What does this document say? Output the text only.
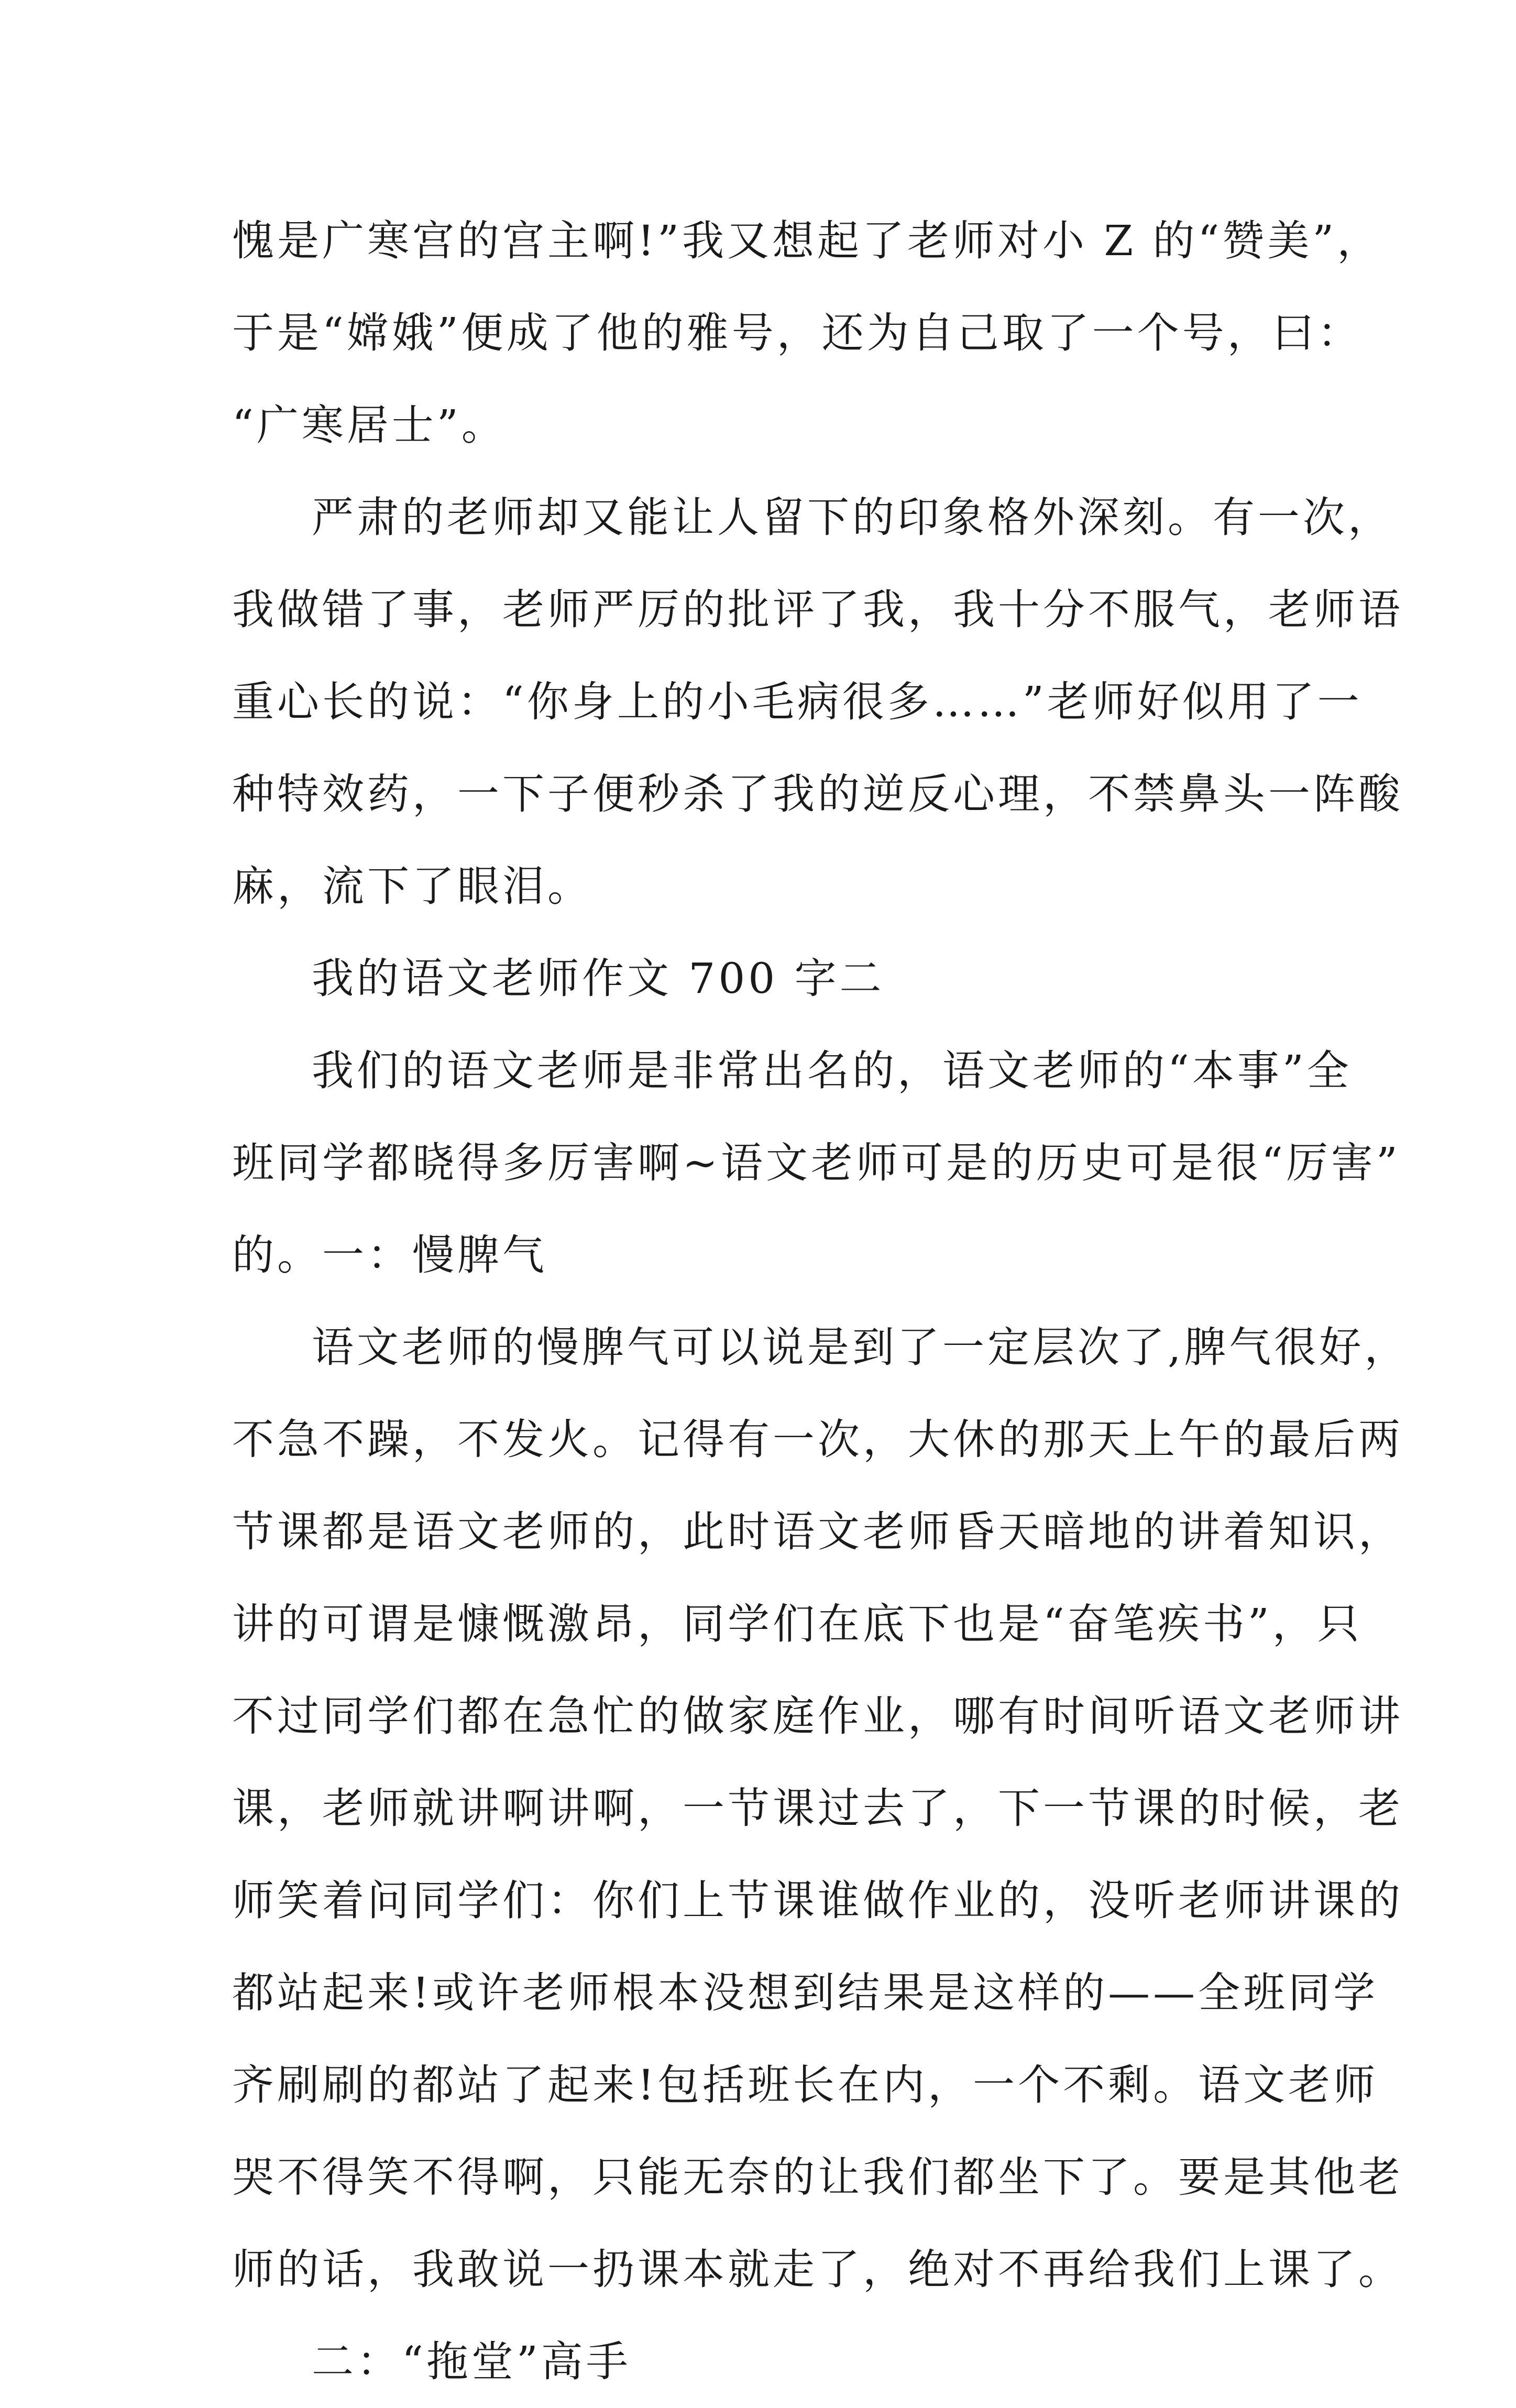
愧是广寒宫的宫主啊!”我又想起了老师对小 Z 的“赞美”，
于是“嫦娥”便成了他的雅号，还为自己取了一个号，曰：
“广寒居士”。
严肃的老师却又能让人留下的印象格外深刻。有一次，
我做错了事，老师严厉的批评了我，我十分不服气，老师语
重心长的说：“你身上的小毛病很多……”老师好似用了一
种特效药，一下子便秒杀了我的逆反心理，不禁鼻头一阵酸
麻，流下了眼泪。
我的语文老师作文 700 字二
我们的语文老师是非常出名的，语文老师的“本事”全
班同学都晓得多厉害啊~语文老师可是的历史可是很“厉害”
的。一：慢脾气
语文老师的慢脾气可以说是到了一定层次了,脾气很好，
不急不躁，不发火。记得有一次，大休的那天上午的最后两
节课都是语文老师的，此时语文老师昏天暗地的讲着知识，
讲的可谓是慷慨激昂，同学们在底下也是“奋笔疾书”，只
不过同学们都在急忙的做家庭作业，哪有时间听语文老师讲
课，老师就讲啊讲啊，一节课过去了，下一节课的时候，老
师笑着问同学们：你们上节课谁做作业的，没听老师讲课的
都站起来!或许老师根本没想到结果是这样的——全班同学
齐刷刷的都站了起来!包括班长在内，一个不剩。语文老师
哭不得笑不得啊，只能无奈的让我们都坐下了。要是其他老
师的话，我敢说一扔课本就走了，绝对不再给我们上课了。
二：“拖堂”高手
